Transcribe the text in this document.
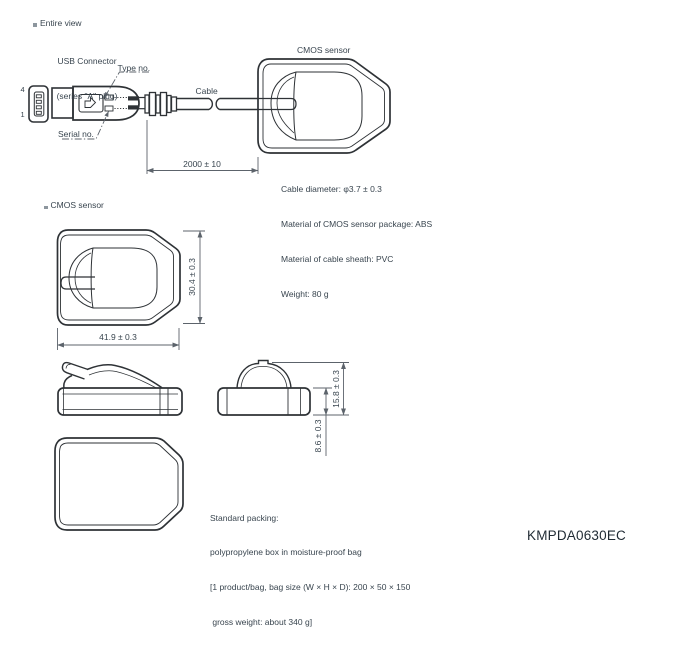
Entire view

USB Connector

(series "A" plug)

Type no.
Serial no.
Cable
CMOS sensor
4
1
2000 ± 10

Cable diameter: φ3.7 ± 0.3

Material of CMOS sensor package: ABS

Material of cable sheath: PVC

Weight: 80 g

CMOS sensor
41.9 ± 0.3
30.4 ± 0.3
15.8 ± 0.3
8.6 ± 0.3

Standard packing:

polypropylene box in moisture-proof bag

[1 product/bag, bag size (W × H × D): 200 × 50 × 150

gross weight: about 340 g]

KMPDA0630EC
